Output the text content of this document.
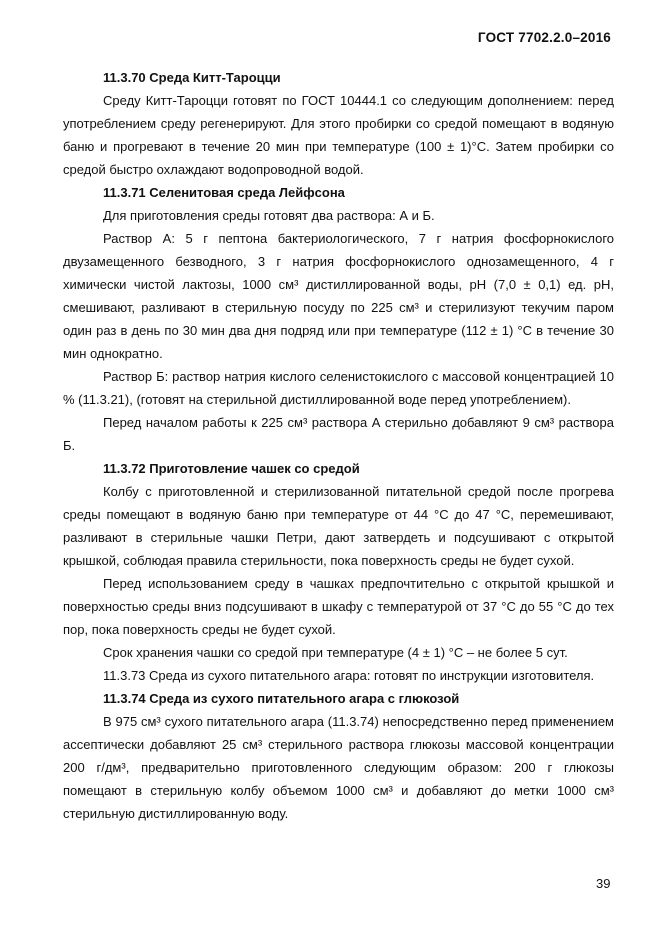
ГОСТ 7702.2.0–2016

11.3.70 Среда Китт-Тароцци

Среду Китт-Тароцци готовят по ГОСТ 10444.1 со следующим дополнением: перед употреблением среду регенерируют. Для этого пробирки со средой помещают в водяную баню и прогревают в течение 20 мин при температуре (100 ± 1)°С. Затем пробирки со средой быстро охлаждают водопроводной водой.

11.3.71 Селенитовая среда Лейфсона

Для приготовления среды готовят два раствора: А и Б.

Раствор А: 5 г пептона бактериологического, 7 г натрия фосфорнокислого двузамещенного безводного, 3 г натрия фосфорнокислого однозамещенного, 4 г химически чистой лактозы, 1000 см³ дистиллированной воды, рН (7,0 ± 0,1) ед. рН, смешивают, разливают в стерильную посуду по 225 см³ и стерилизуют текучим паром один раз в день по 30 мин два дня подряд или при температуре (112 ± 1) °С в течение 30 мин однократно.

Раствор Б: раствор натрия кислого селенистокислого с массовой концентрацией 10 % (11.3.21), (готовят на стерильной дистиллированной воде перед употреблением).

Перед началом работы к 225 см³ раствора А стерильно добавляют 9 см³ раствора Б.

11.3.72 Приготовление чашек со средой

Колбу с приготовленной и стерилизованной питательной средой после прогрева среды помещают в водяную баню при температуре от 44 °С до 47 °С, перемешивают, разливают в стерильные чашки Петри, дают затвердеть и подсушивают с открытой крышкой, соблюдая правила стерильности, пока поверхность среды не будет сухой.

Перед использованием среду в чашках предпочтительно с открытой крышкой и поверхностью среды вниз подсушивают в шкафу с температурой от 37 °С до 55 °С до тех пор, пока поверхность среды не будет сухой.

Срок хранения чашки со средой при температуре (4 ± 1) °С – не более 5 сут.

11.3.73 Среда из сухого питательного агара: готовят по инструкции изготовителя.

11.3.74 Среда из сухого питательного агара с глюкозой

В 975 см³ сухого питательного агара (11.3.74) непосредственно перед применением ассептически добавляют 25 см³ стерильного раствора глюкозы массовой концентрации 200 г/дм³, предварительно приготовленного следующим образом: 200 г глюкозы помещают в стерильную колбу объемом 1000 см³ и добавляют до метки 1000 см³ стерильную дистиллированную воду.

39
